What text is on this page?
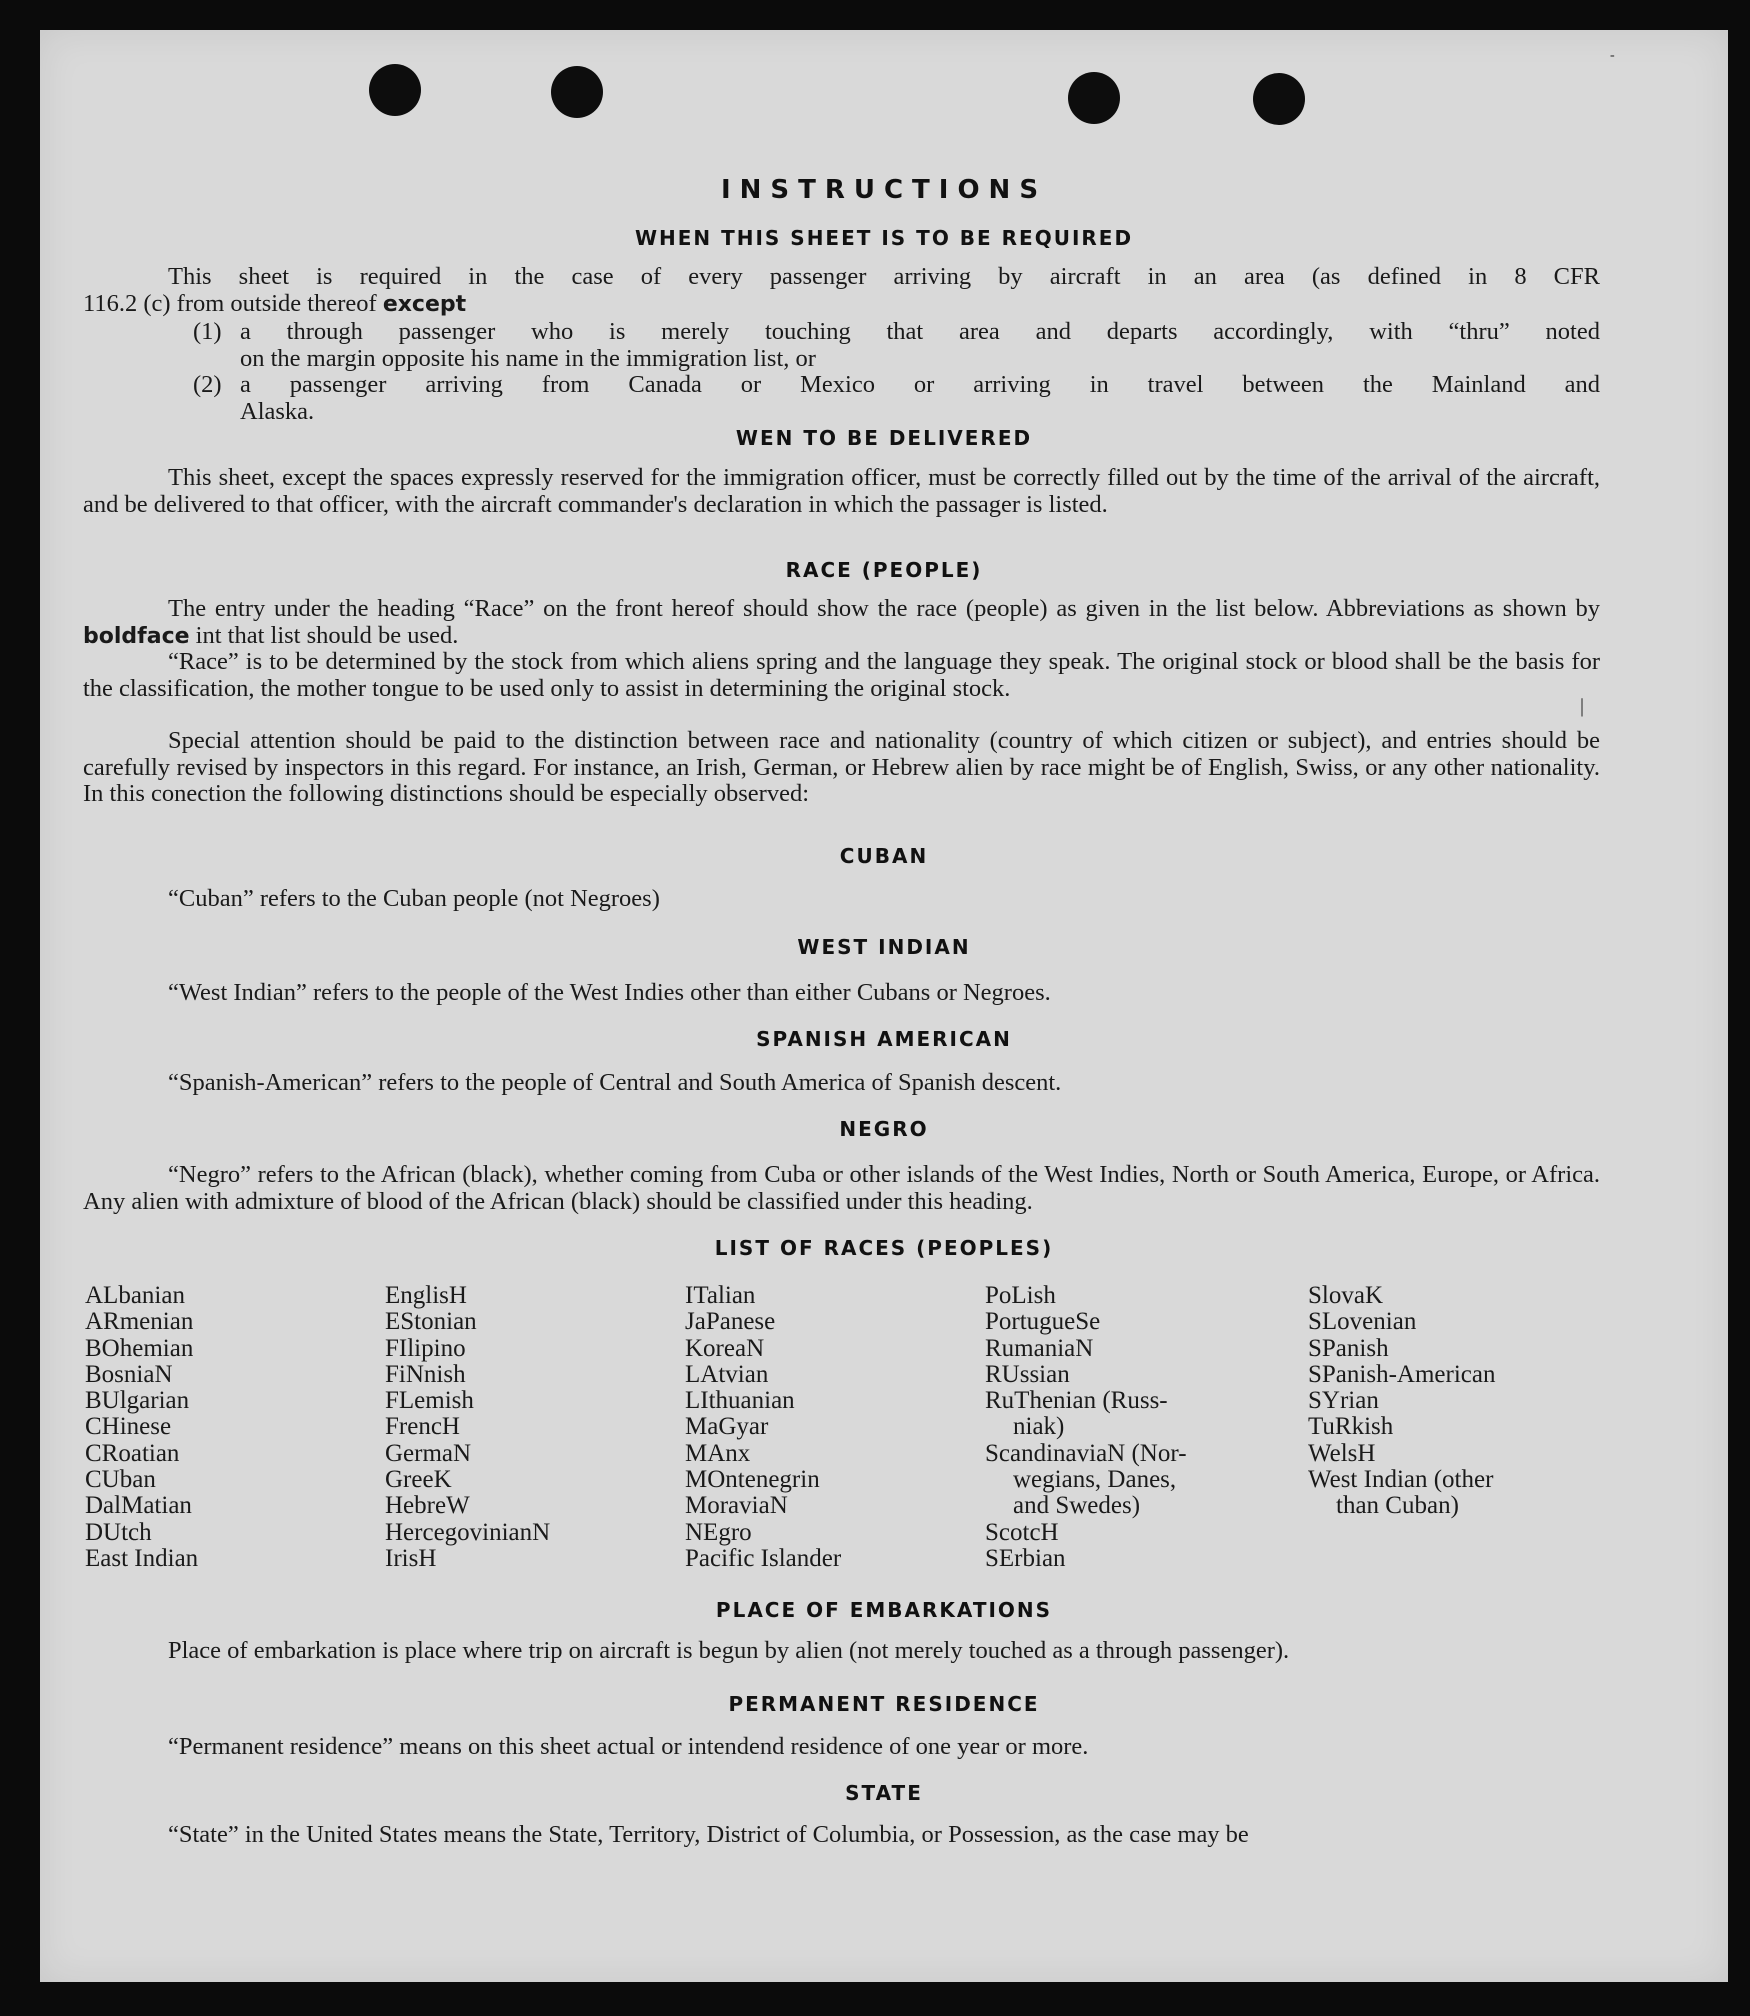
INSTRUCTIONS
WHEN THIS SHEET IS TO BE REQUIRED
This sheet is required in the case of every passenger arriving by aircraft in an area (as defined in 8 CFR
116.2 (c) from outside thereof except
(1) a through passenger who is merely touching that area and departs accordingly, with “thru” noted
on the margin opposite his name in the immigration list, or
(2) a passenger arriving from Canada or Mexico or arriving in travel between the Mainland and
Alaska.
WEN TO BE DELIVERED
This sheet, except the spaces expressly reserved for the immigration officer, must be correctly filled out by the time of the arrival of the aircraft, and be delivered to that officer, with the aircraft commander's declaration in which the passager is listed.
RACE (PEOPLE)
The entry under the heading “Race” on the front hereof should show the race (people) as given in the list below. Abbreviations as shown by boldface int that list should be used.
“Race” is to be determined by the stock from which aliens spring and the language they speak. The original stock or blood shall be the basis for the classification, the mother tongue to be used only to assist in determining the original stock.
Special attention should be paid to the distinction between race and nationality (country of which citizen or subject), and entries should be carefully revised by inspectors in this regard. For instance, an Irish, German, or Hebrew alien by race might be of English, Swiss, or any other nationality. In this conection the following distinctions should be especially observed:
CUBAN
“Cuban” refers to the Cuban people (not Negroes)
WEST INDIAN
“West Indian” refers to the people of the West Indies other than either Cubans or Negroes.
SPANISH AMERICAN
“Spanish-American” refers to the people of Central and South America of Spanish descent.
NEGRO
“Negro” refers to the African (black), whether coming from Cuba or other islands of the West Indies, North or South America, Europe, or Africa. Any alien with admixture of blood of the African (black) should be classified under this heading.
LIST OF RACES (PEOPLES)
ALbanian
ARmenian
BOhemian
BosniaN
BUlgarian
CHinese
CRoatian
CUban
DalMatian
DUtch
East Indian
EnglisH
EStonian
FIlipino
FiNnish
FLemish
FrencH
GermaN
GreeK
HebreW
HercegovinianN
IrisH
ITalian
JaPanese
KoreaN
LAtvian
LIthuanian
MaGyar
MAnx
MOntenegrin
MoraviaN
NEgro
Pacific Islander
PoLish
PortugueSe
RumaniaN
RUssian
RuThenian (Russ-
niak)
ScandinaviaN (Nor-
wegians, Danes,
and Swedes)
ScotcH
SErbian
SlovaK
SLovenian
SPanish
SPanish-American
SYrian
TuRkish
WelsH
West Indian (other
than Cuban)
PLACE OF EMBARKATIONS
Place of embarkation is place where trip on aircraft is begun by alien (not merely touched as a through passenger).
PERMANENT RESIDENCE
“Permanent residence” means on this sheet actual or intendend residence of one year or more.
STATE
“State” in the United States means the State, Territory, District of Columbia, or Possession, as the case may be
|
‐
